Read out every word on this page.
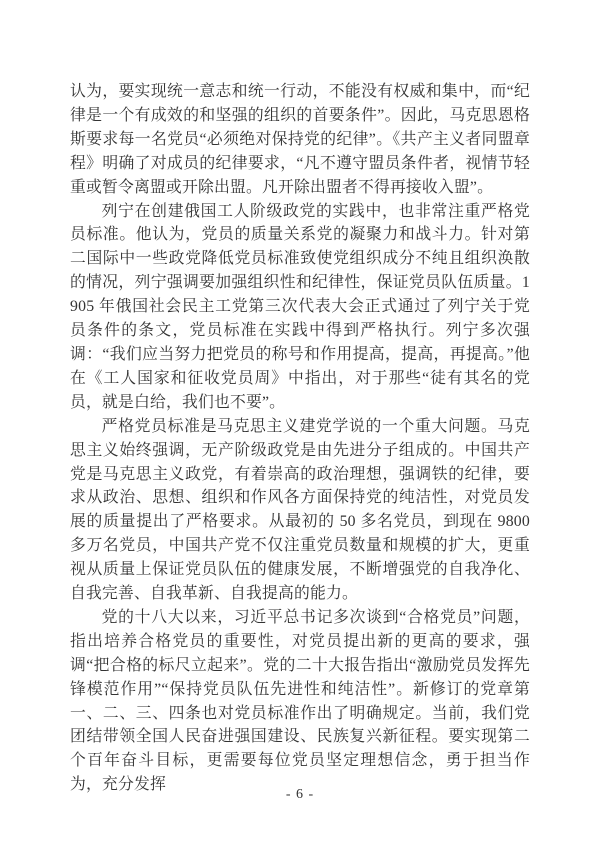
认为，要实现统一意志和统一行动，不能没有权威和集中，而“纪律是一个有成效的和坚强的组织的首要条件”。因此，马克思恩格斯要求每一名党员“必须绝对保持党的纪律”。《共产主义者同盟章程》明确了对成员的纪律要求，“凡不遵守盟员条件者，视情节轻重或暂令离盟或开除出盟。凡开除出盟者不得再接收入盟”。

列宁在创建俄国工人阶级政党的实践中，也非常注重严格党员标准。他认为，党员的质量关系党的凝聚力和战斗力。针对第二国际中一些政党降低党员标准致使党组织成分不纯且组织涣散的情况，列宁强调要加强组织性和纪律性，保证党员队伍质量。1905 年俄国社会民主工党第三次代表大会正式通过了列宁关于党员条件的条文，党员标准在实践中得到严格执行。列宁多次强调：“我们应当努力把党员的称号和作用提高，提高，再提高。”他在《工人国家和征收党员周》中指出，对于那些“徒有其名的党员，就是白给，我们也不要”。

严格党员标准是马克思主义建党学说的一个重大问题。马克思主义始终强调，无产阶级政党是由先进分子组成的。中国共产党是马克思主义政党，有着崇高的政治理想，强调铁的纪律，要求从政治、思想、组织和作风各方面保持党的纯洁性，对党员发展的质量提出了严格要求。从最初的 50 多名党员，到现在 9800 多万名党员，中国共产党不仅注重党员数量和规模的扩大，更重视从质量上保证党员队伍的健康发展，不断增强党的自我净化、自我完善、自我革新、自我提高的能力。

党的十八大以来，习近平总书记多次谈到“合格党员”问题，指出培养合格党员的重要性，对党员提出新的更高的要求，强调“把合格的标尺立起来”。党的二十大报告指出“激励党员发挥先锋模范作用”“保持党员队伍先进性和纯洁性”。新修订的党章第一、二、三、四条也对党员标准作出了明确规定。当前，我们党团结带领全国人民奋进强国建设、民族复兴新征程。要实现第二个百年奋斗目标，更需要每位党员坚定理想信念，勇于担当作为，充分发挥

- 6 -
